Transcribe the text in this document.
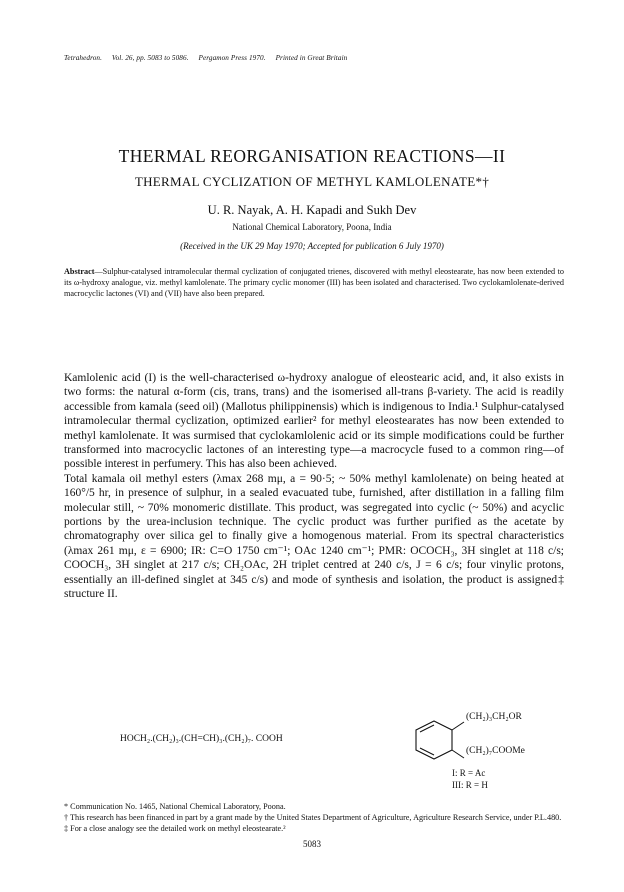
Tetrahedron. Vol. 26, pp. 5083 to 5086. Pergamon Press 1970. Printed in Great Britain
THERMAL REORGANISATION REACTIONS—II
THERMAL CYCLIZATION OF METHYL KAMLOLENATE*†
U. R. Nayak, A. H. Kapadi and Sukh Dev
National Chemical Laboratory, Poona, India
(Received in the UK 29 May 1970; Accepted for publication 6 July 1970)
Abstract—Sulphur-catalysed intramolecular thermal cyclization of conjugated trienes, discovered with methyl eleostearate, has now been extended to its ω-hydroxy analogue, viz. methyl kamlolenate. The primary cyclic monomer (III) has been isolated and characterised. Two cyclokamlolenate-derived macrocyclic lactones (VI) and (VII) have also been prepared.

Kamlolenic acid (I) is the well-characterised ω-hydroxy analogue of eleostearic acid, and, it also exists in two forms: the natural α-form (cis, trans, trans) and the isomerised all-trans β-variety. The acid is readily accessible from kamala (seed oil) (Mallotus philippinensis) which is indigenous to India.¹ Sulphur-catalysed intramolecular thermal cyclization, optimized earlier² for methyl eleostearates has now been extended to methyl kamlolenate. It was surmised that cyclokamlolenic acid or its simple modifications could be further transformed into macrocyclic lactones of an interesting type—a macrocycle fused to a common ring—of possible interest in perfumery. This has also been achieved.

Total kamala oil methyl esters (λmax 268 mμ, a = 90·5; ~ 50% methyl kamlolenate) on being heated at 160°/5 hr, in presence of sulphur, in a sealed evacuated tube, furnished, after distillation in a falling film molecular still, ~ 70% monomeric distillate. This product, was segregated into cyclic (~ 50%) and acyclic portions by the urea-inclusion technique. The cyclic product was further purified as the acetate by chromatography over silica gel to finally give a homogenous material. From its spectral characteristics (λmax 261 mμ, ε = 6900; IR: C=O 1750 cm⁻¹; OAc 1240 cm⁻¹; PMR: OCOCH₃, 3H singlet at 118 c/s; COOCH₃, 3H singlet at 217 c/s; CH₂OAc, 2H triplet centred at 240 c/s, J = 6 c/s; four vinylic protons, essentially an ill-defined singlet at 345 c/s) and mode of synthesis and isolation, the product is assigned‡ structure II.

HOCH₂.(CH₂)₃.(CH=CH)₃.(CH₂)₇. COOH
(CH₂)₃CH₂OR
(CH₂)₇COOMe
I: R = Ac
III: R = H

* Communication No. 1465, National Chemical Laboratory, Poona.

† This research has been financed in part by a grant made by the United States Department of Agriculture, Agriculture Research Service, under P.L.480.

‡ For a close analogy see the detailed work on methyl eleostearate.²

5083
